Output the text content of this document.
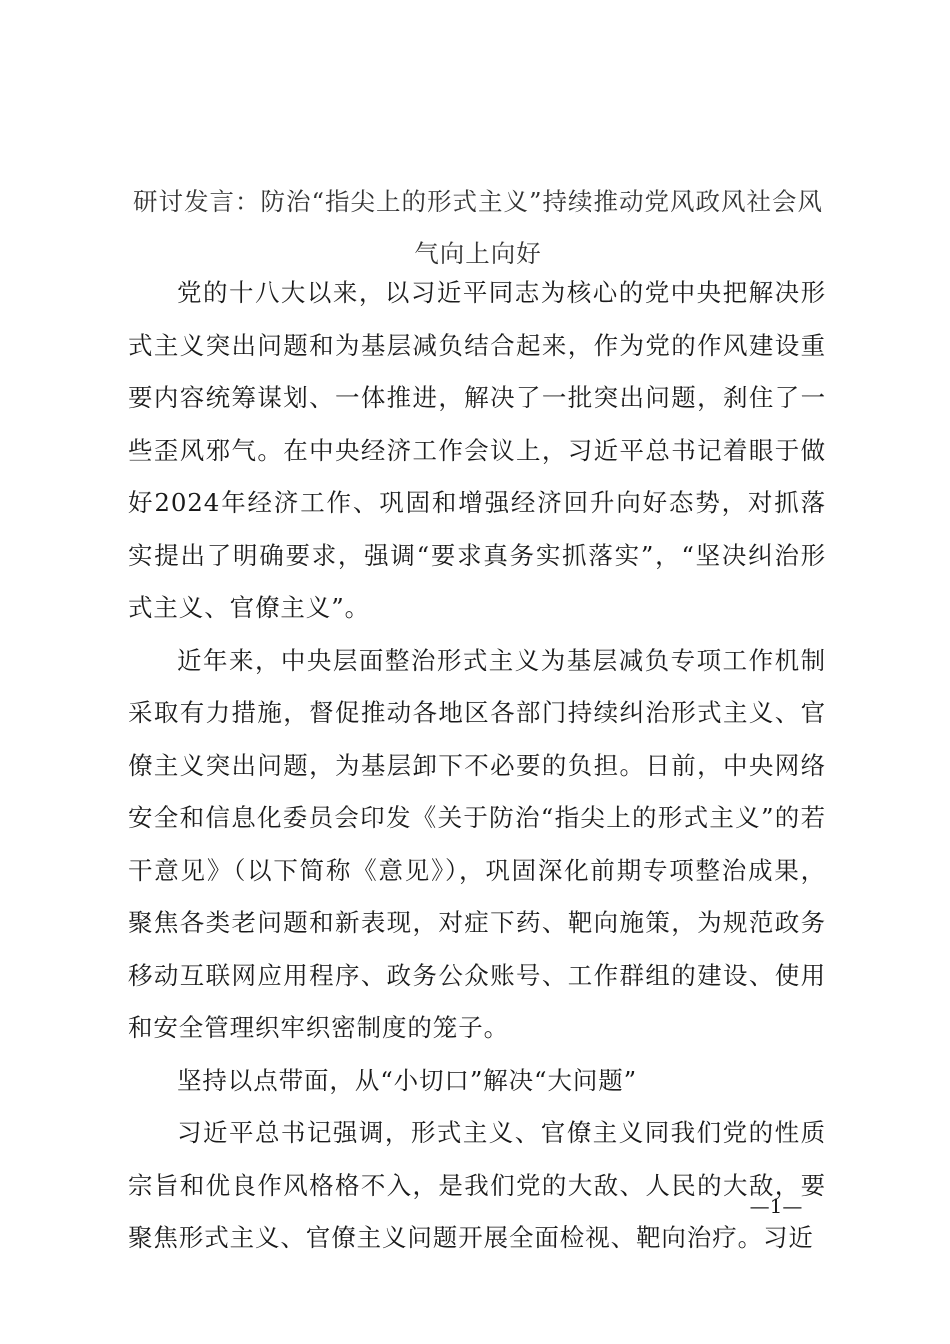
研讨发言：防治“指尖上的形式主义”持续推动党风政风社会风气向上向好

党的十八大以来，以习近平同志为核心的党中央把解决形式主义突出问题和为基层减负结合起来，作为党的作风建设重要内容统筹谋划、一体推进，解决了一批突出问题，刹住了一些歪风邪气。在中央经济工作会议上，习近平总书记着眼于做好2024年经济工作、巩固和增强经济回升向好态势，对抓落实提出了明确要求，强调“要求真务实抓落实”，“坚决纠治形式主义、官僚主义”。

近年来，中央层面整治形式主义为基层减负专项工作机制采取有力措施，督促推动各地区各部门持续纠治形式主义、官僚主义突出问题，为基层卸下不必要的负担。日前，中央网络安全和信息化委员会印发《关于防治“指尖上的形式主义”的若干意见》（以下简称《意见》），巩固深化前期专项整治成果，聚焦各类老问题和新表现，对症下药、靶向施策，为规范政务移动互联网应用程序、政务公众账号、工作群组的建设、使用和安全管理织牢织密制度的笼子。

坚持以点带面，从“小切口”解决“大问题”

习近平总书记强调，形式主义、官僚主义同我们党的性质宗旨和优良作风格格不入，是我们党的大敌、人民的大敌，要聚焦形式主义、官僚主义问题开展全面检视、靶向治疗。习近

—1—
